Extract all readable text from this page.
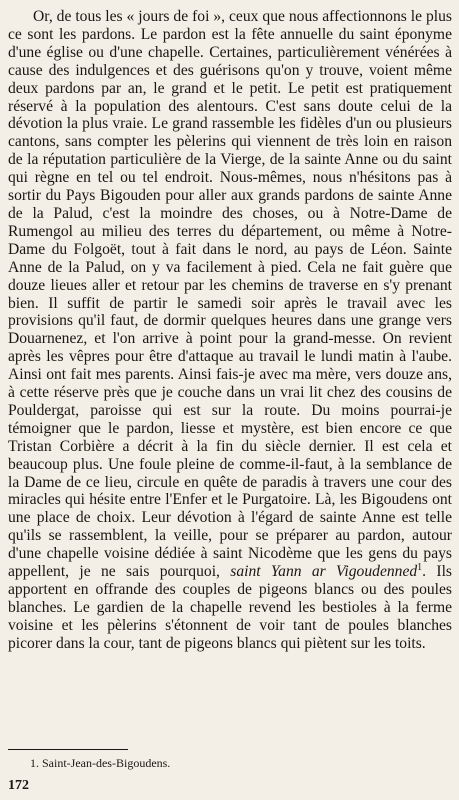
Or, de tous les « jours de foi », ceux que nous affectionnons le plus ce sont les pardons. Le pardon est la fête annuelle du saint éponyme d'une église ou d'une chapelle. Certaines, particulièrement vénérées à cause des indulgences et des guérisons qu'on y trouve, voient même deux pardons par an, le grand et le petit. Le petit est pratiquement réservé à la population des alentours. C'est sans doute celui de la dévotion la plus vraie. Le grand rassemble les fidèles d'un ou plusieurs cantons, sans compter les pèlerins qui viennent de très loin en raison de la réputation particulière de la Vierge, de la sainte Anne ou du saint qui règne en tel ou tel endroit. Nous-mêmes, nous n'hésitons pas à sortir du Pays Bigouden pour aller aux grands pardons de sainte Anne de la Palud, c'est la moindre des choses, ou à Notre-Dame de Rumengol au milieu des terres du département, ou même à Notre-Dame du Folgoët, tout à fait dans le nord, au pays de Léon. Sainte Anne de la Palud, on y va facilement à pied. Cela ne fait guère que douze lieues aller et retour par les chemins de traverse en s'y prenant bien. Il suffit de partir le samedi soir après le travail avec les provisions qu'il faut, de dormir quelques heures dans une grange vers Douarnenez, et l'on arrive à point pour la grand-messe. On revient après les vêpres pour être d'attaque au travail le lundi matin à l'aube. Ainsi ont fait mes parents. Ainsi fais-je avec ma mère, vers douze ans, à cette réserve près que je couche dans un vrai lit chez des cousins de Pouldergat, paroisse qui est sur la route. Du moins pourrai-je témoigner que le pardon, liesse et mystère, est bien encore ce que Tristan Corbière a décrit à la fin du siècle dernier. Il est cela et beaucoup plus. Une foule pleine de comme-il-faut, à la semblance de la Dame de ce lieu, circule en quête de paradis à travers une cour des miracles qui hésite entre l'Enfer et le Purgatoire. Là, les Bigoudens ont une place de choix. Leur dévotion à l'égard de sainte Anne est telle qu'ils se rassemblent, la veille, pour se préparer au pardon, autour d'une chapelle voisine dédiée à saint Nicodème que les gens du pays appellent, je ne sais pourquoi, saint Yann ar Vigoudenned$^1$. Ils apportent en offrande des couples de pigeons blancs ou des poules blanches. Le gardien de la chapelle revend les bestioles à la ferme voisine et les pèlerins s'étonnent de voir tant de poules blanches picorer dans la cour, tant de pigeons blancs qui piètent sur les toits.

1. Saint-Jean-des-Bigoudens.

172
